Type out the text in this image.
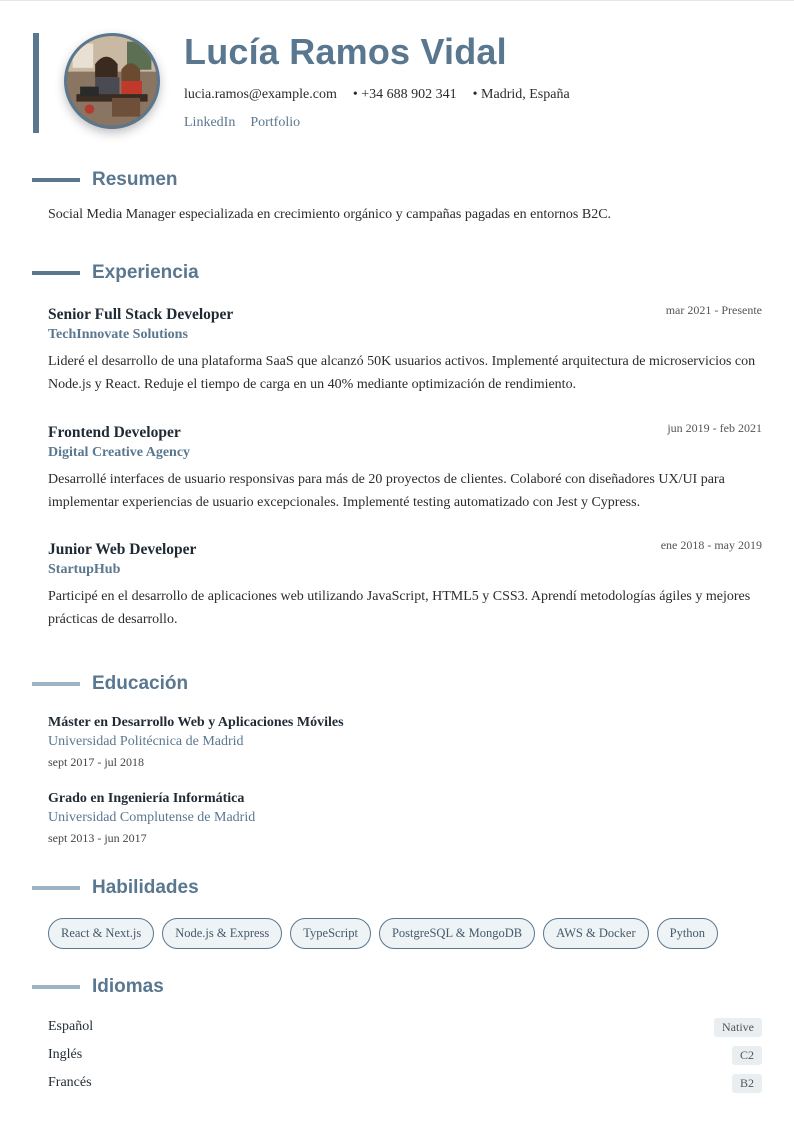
Lucía Ramos Vidal
lucia.ramos@example.com • +34 688 902 341 • Madrid, España
LinkedIn Portfolio
Resumen
Social Media Manager especializada en crecimiento orgánico y campañas pagadas en entornos B2C.
Experiencia
Senior Full Stack Developer	mar 2021 - Presente
TechInnovate Solutions
Lideré el desarrollo de una plataforma SaaS que alcanzó 50K usuarios activos. Implementé arquitectura de microservicios con Node.js y React. Reduje el tiempo de carga en un 40% mediante optimización de rendimiento.
Frontend Developer	jun 2019 - feb 2021
Digital Creative Agency
Desarrollé interfaces de usuario responsivas para más de 20 proyectos de clientes. Colaboré con diseñadores UX/UI para implementar experiencias de usuario excepcionales. Implementé testing automatizado con Jest y Cypress.
Junior Web Developer	ene 2018 - may 2019
StartupHub
Participé en el desarrollo de aplicaciones web utilizando JavaScript, HTML5 y CSS3. Aprendí metodologías ágiles y mejores prácticas de desarrollo.
Educación
Máster en Desarrollo Web y Aplicaciones Móviles
Universidad Politécnica de Madrid
sept 2017 - jul 2018
Grado en Ingeniería Informática
Universidad Complutense de Madrid
sept 2013 - jun 2017
Habilidades
React & Next.js	Node.js & Express	TypeScript	PostgreSQL & MongoDB	AWS & Docker	Python
Idiomas
Español	Native
Inglés	C2
Francés	B2
